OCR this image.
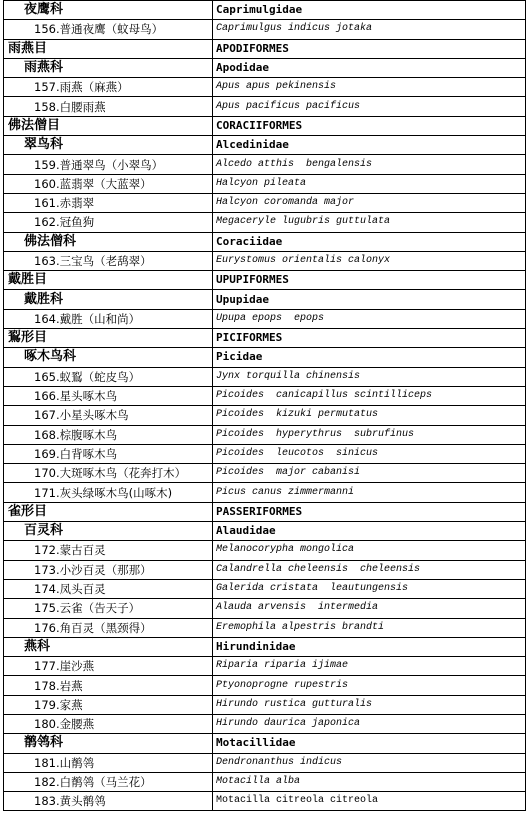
夜鹰科	Caprimulgidae
156.普通夜鹰（蚊母鸟）	Caprimulgus indicus jotaka
雨燕目	APODIFORMES
雨燕科	Apodidae
157.雨燕（麻燕）	Apus apus pekinensis
158.白腰雨燕	Apus pacificus pacificus
佛法僧目	CORACIIFORMES
翠鸟科	Alcedinidae
159.普通翠鸟（小翠鸟）	Alcedo atthis  bengalensis
160.蓝翡翠（大蓝翠）	Halcyon pileata
161.赤翡翠	Halcyon coromanda major
162.冠鱼狗	Megaceryle lugubris guttulata
佛法僧科	Coraciidae
163.三宝鸟（老鸹翠）	Eurystomus orientalis calonyx
戴胜目	UPUPIFORMES
戴胜科	Upupidae
164.戴胜（山和尚）	Upupa epops  epops
鴷形目	PICIFORMES
啄木鸟科	Picidae
165.蚁鴷（蛇皮鸟）	Jynx torquilla chinensis
166.星头啄木鸟	Picoides  canicapillus scintilliceps
167.小星头啄木鸟	Picoides  kizuki permutatus
168.棕腹啄木鸟	Picoides  hyperythrus  subrufinus
169.白背啄木鸟	Picoides  leucotos  sinicus
170.大斑啄木鸟（花奔打木）	Picoides  major cabanisi
171.灰头绿啄木鸟(山啄木)	Picus canus zimmermanni
雀形目	PASSERIFORMES
百灵科	Alaudidae
172.蒙古百灵	Melanocorypha mongolica
173.小沙百灵（那那）	Calandrella cheleensis  cheleensis
174.凤头百灵	Galerida cristata  leautungensis
175.云雀（告天子）	Alauda arvensis  intermedia
176.角百灵（黑颈得）	Eremophila alpestris brandti
燕科	Hirundinidae
177.崖沙燕	Riparia riparia ijimae
178.岩燕	Ptyonoprogne rupestris
179.家燕	Hirundo rustica gutturalis
180.金腰燕	Hirundo daurica japonica
鹡鸰科	Motacillidae
181.山鹡鸰	Dendronanthus indicus
182.白鹡鸰（马兰花）	Motacilla alba
183.黄头鹡鸰	Motacilla citreola citreola
